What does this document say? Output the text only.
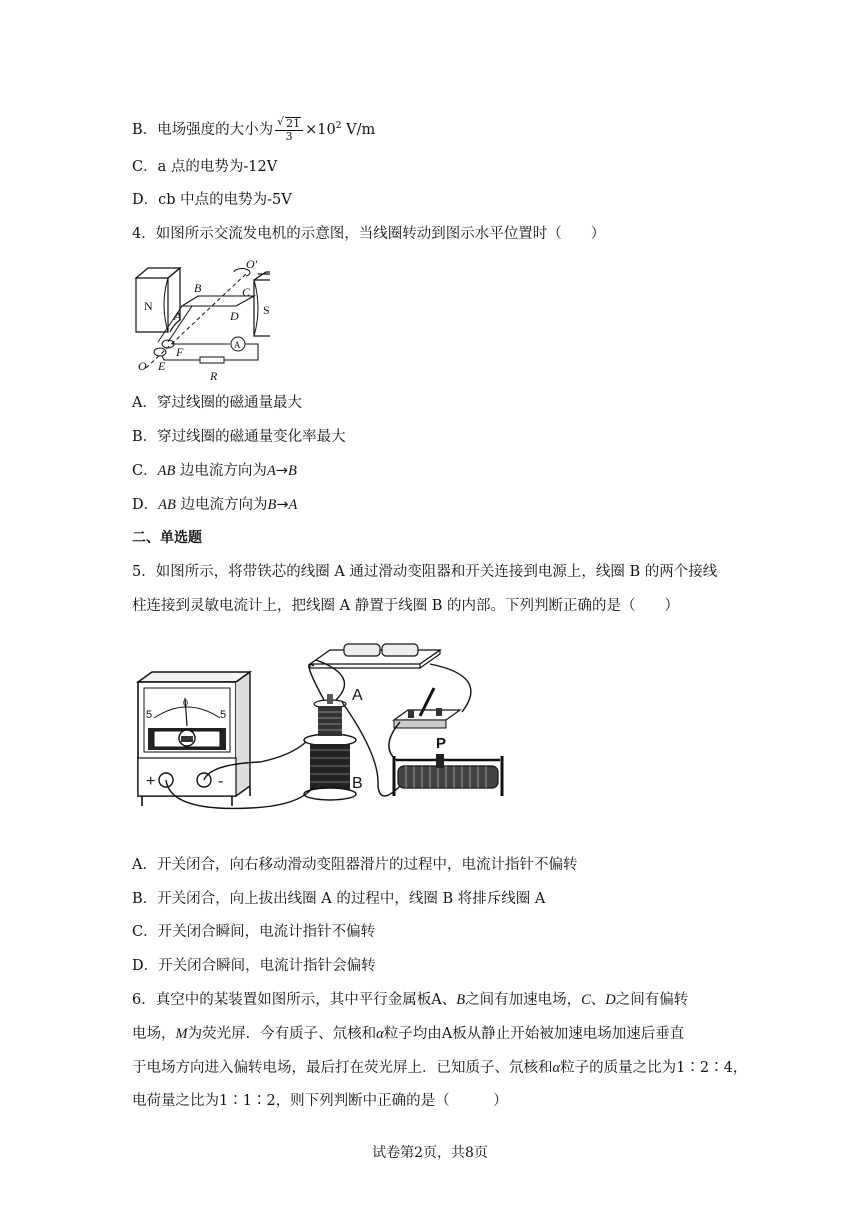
B．电场强度的大小为
√ $\frac{21}{3} \times 10^2$ V/m
C．a 点的电势为-12V
D．cb 中点的电势为-5V
4．如图所示交流发电机的示意图，当线圈转动到图示水平位置时（　　）
N	S
B	C
A	D
F
E
O
O′
R
A
A．穿过线圈的磁通量最大
B．穿过线圈的磁通量变化率最大
C．AB 边电流方向为A→B
D．AB 边电流方向为B→A
二、单选题
5．如图所示，将带铁芯的线圈 A 通过滑动变阻器和开关连接到电源上，线圈 B 的两个接线
柱连接到灵敏电流计上，把线圈 A 静置于线圈 B 的内部。下列判断正确的是（　　）
A
B
P
+	-
5
0
5
A．开关闭合，向右移动滑动变阻器滑片的过程中，电流计指针不偏转
B．开关闭合，向上拔出线圈 A 的过程中，线圈 B 将排斥线圈 A
C．开关闭合瞬间，电流计指针不偏转
D．开关闭合瞬间，电流计指针会偏转
6．真空中的某装置如图所示，其中平行金属板A、B之间有加速电场，C、D之间有偏转
电场，M为荧光屏．今有质子、氘核和α粒子均由A板从静止开始被加速电场加速后垂直
于电场方向进入偏转电场，最后打在荧光屏上．已知质子、氘核和α粒子的质量之比为1∶2∶4，
电荷量之比为1∶1∶2，则下列判断中正确的是（　　　）
试卷第2页，共8页
